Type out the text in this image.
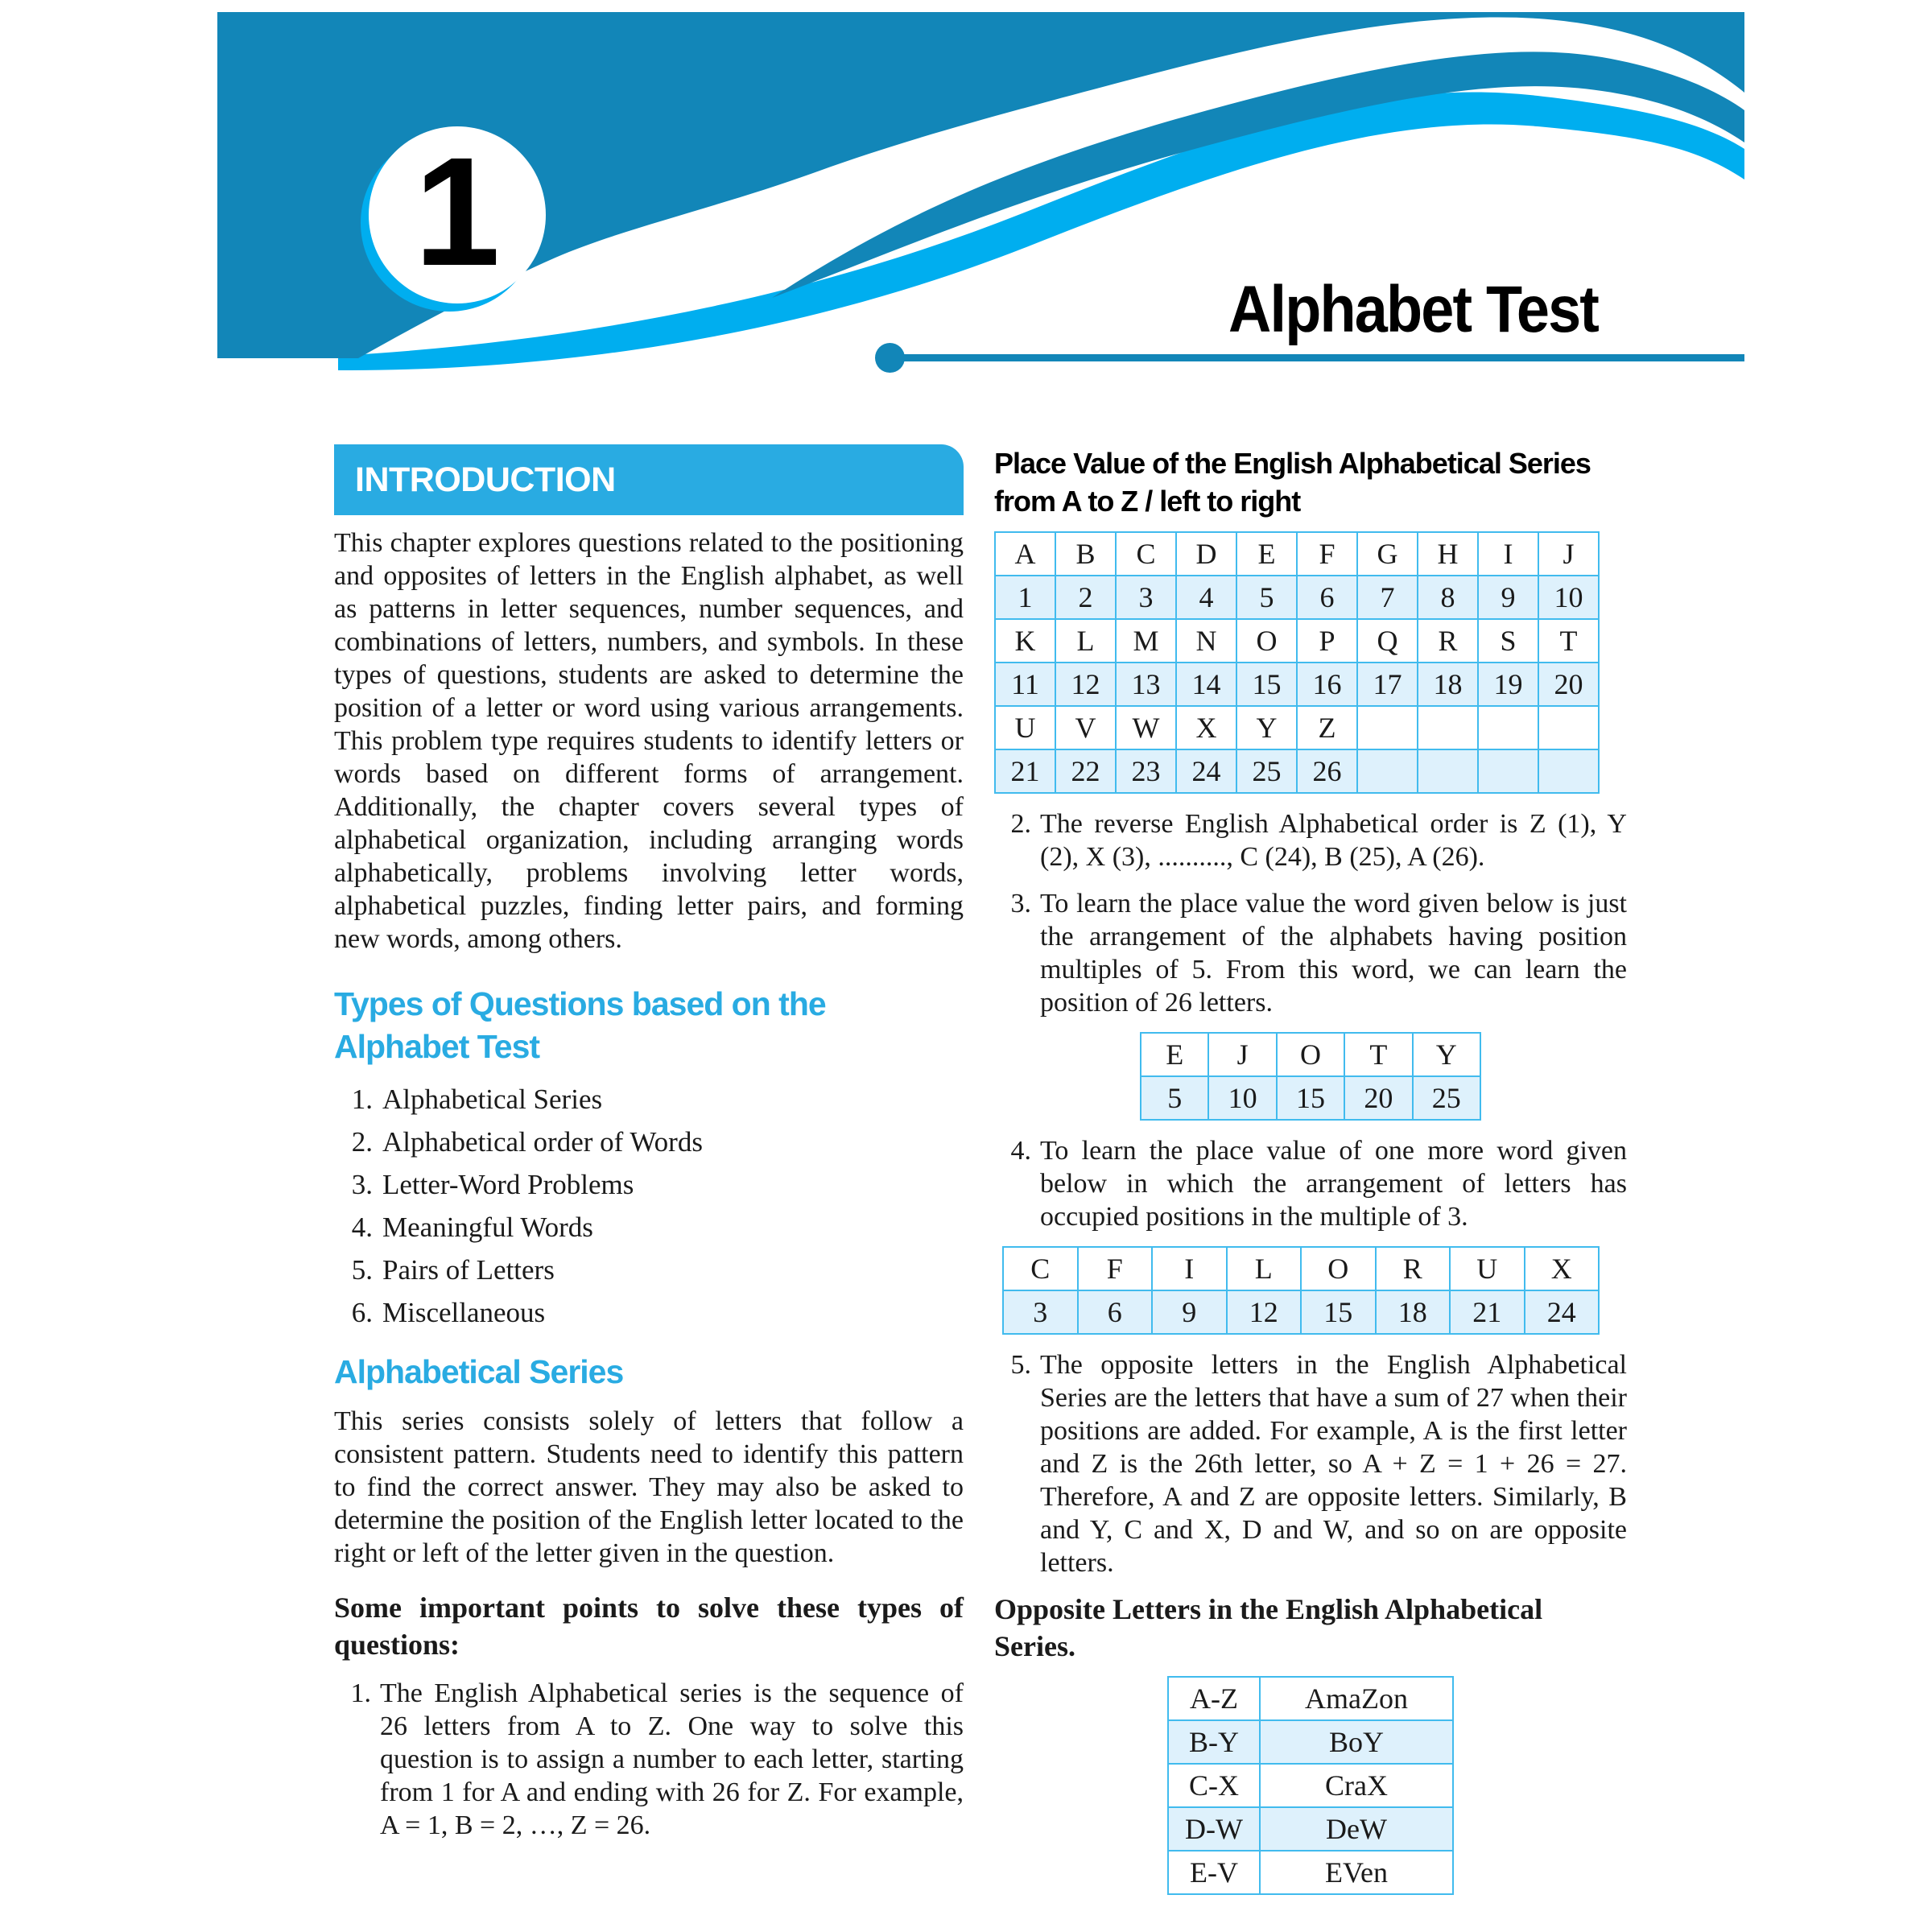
1
Alphabet Test
INTRODUCTION
This chapter explores questions related to the positioning and opposites of letters in the English alphabet, as well as patterns in letter sequences, number sequences, and combinations of letters, numbers, and symbols. In these types of questions, students are asked to determine the position of a letter or word using various arrangements. This problem type requires students to identify letters or words based on different forms of arrangement. Additionally, the chapter covers several types of alphabetical organization, including arranging words alphabetically, problems involving letter words, alphabetical puzzles, finding letter pairs, and forming new words, among others.
Types of Questions based on the Alphabet Test
1. Alphabetical Series
2. Alphabetical order of Words
3. Letter-Word Problems
4. Meaningful Words
5. Pairs of Letters
6. Miscellaneous
Alphabetical Series
This series consists solely of letters that follow a consistent pattern. Students need to identify this pattern to find the correct answer. They may also be asked to determine the position of the English letter located to the right or left of the letter given in the question.
Some important points to solve these types of questions:
1. The English Alphabetical series is the sequence of 26 letters from A to Z. One way to solve this question is to assign a number to each letter, starting from 1 for A and ending with 26 for Z. For example, A = 1, B = 2, …, Z = 26.
Place Value of the English Alphabetical Series from A to Z / left to right
A	B	C	D	E	F	G	H	I	J
1	2	3	4	5	6	7	8	9	10
K	L	M	N	O	P	Q	R	S	T
11	12	13	14	15	16	17	18	19	20
U	V	W	X	Y	Z				
21	22	23	24	25	26				
2. The reverse English Alphabetical order is Z (1), Y (2), X (3), .........., C (24), B (25), A (26).
3. To learn the place value the word given below is just the arrangement of the alphabets having position multiples of 5. From this word, we can learn the position of 26 letters.
E	J	O	T	Y
5	10	15	20	25
4. To learn the place value of one more word given below in which the arrangement of letters has occupied positions in the multiple of 3.
C	F	I	L	O	R	U	X
3	6	9	12	15	18	21	24
5. The opposite letters in the English Alphabetical Series are the letters that have a sum of 27 when their positions are added. For example, A is the first letter and Z is the 26th letter, so A + Z = 1 + 26 = 27. Therefore, A and Z are opposite letters. Similarly, B and Y, C and X, D and W, and so on are opposite letters.
Opposite Letters in the English Alphabetical Series.
A-Z	AmaZon
B-Y	BoY
C-X	CraX
D-W	DeW
E-V	EVen
